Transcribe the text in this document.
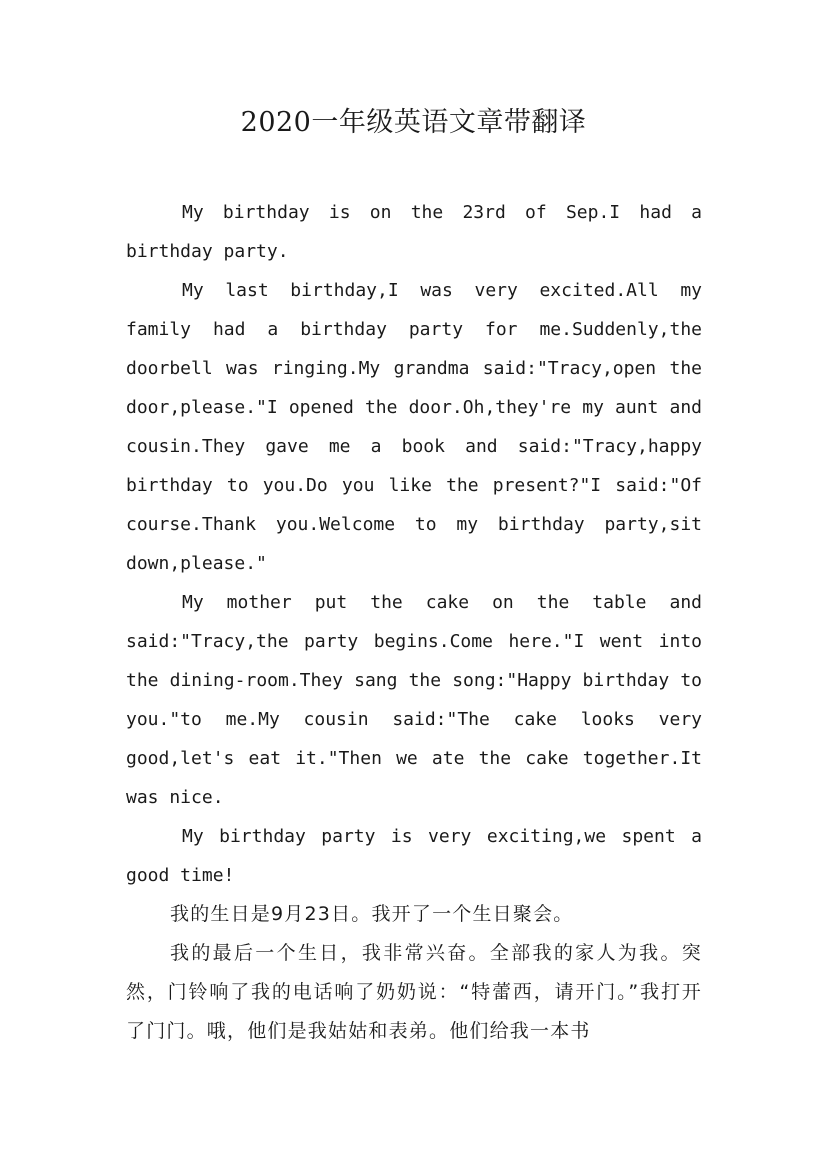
2020一年级英语文章带翻译

My birthday is on the 23rd of Sep.I had a birthday party.

My last birthday,I was very excited.All my family had a birthday party for me.Suddenly,the doorbell was ringing.My grandma said:"Tracy,open the door,please."I opened the door.Oh,they're my aunt and cousin.They gave me a book and said:"Tracy,happy birthday to you.Do you like the present?"I said:"Of course.Thank you.Welcome to my birthday party,sit down,please."

My mother put the cake on the table and said:"Tracy,the party begins.Come here."I went into the dining-room.They sang the song:"Happy birthday to you."to me.My cousin said:"The cake looks very good,let's eat it."Then we ate the cake together.It was nice.

My birthday party is very exciting,we spent a good time!

我的生日是9月23日。我开了一个生日聚会。

我的最后一个生日，我非常兴奋。全部我的家人为我。突然，门铃响了我的电话响了奶奶说：“特蕾西，请开门。”我打开了门门。哦，他们是我姑姑和表弟。他们给我一本书
